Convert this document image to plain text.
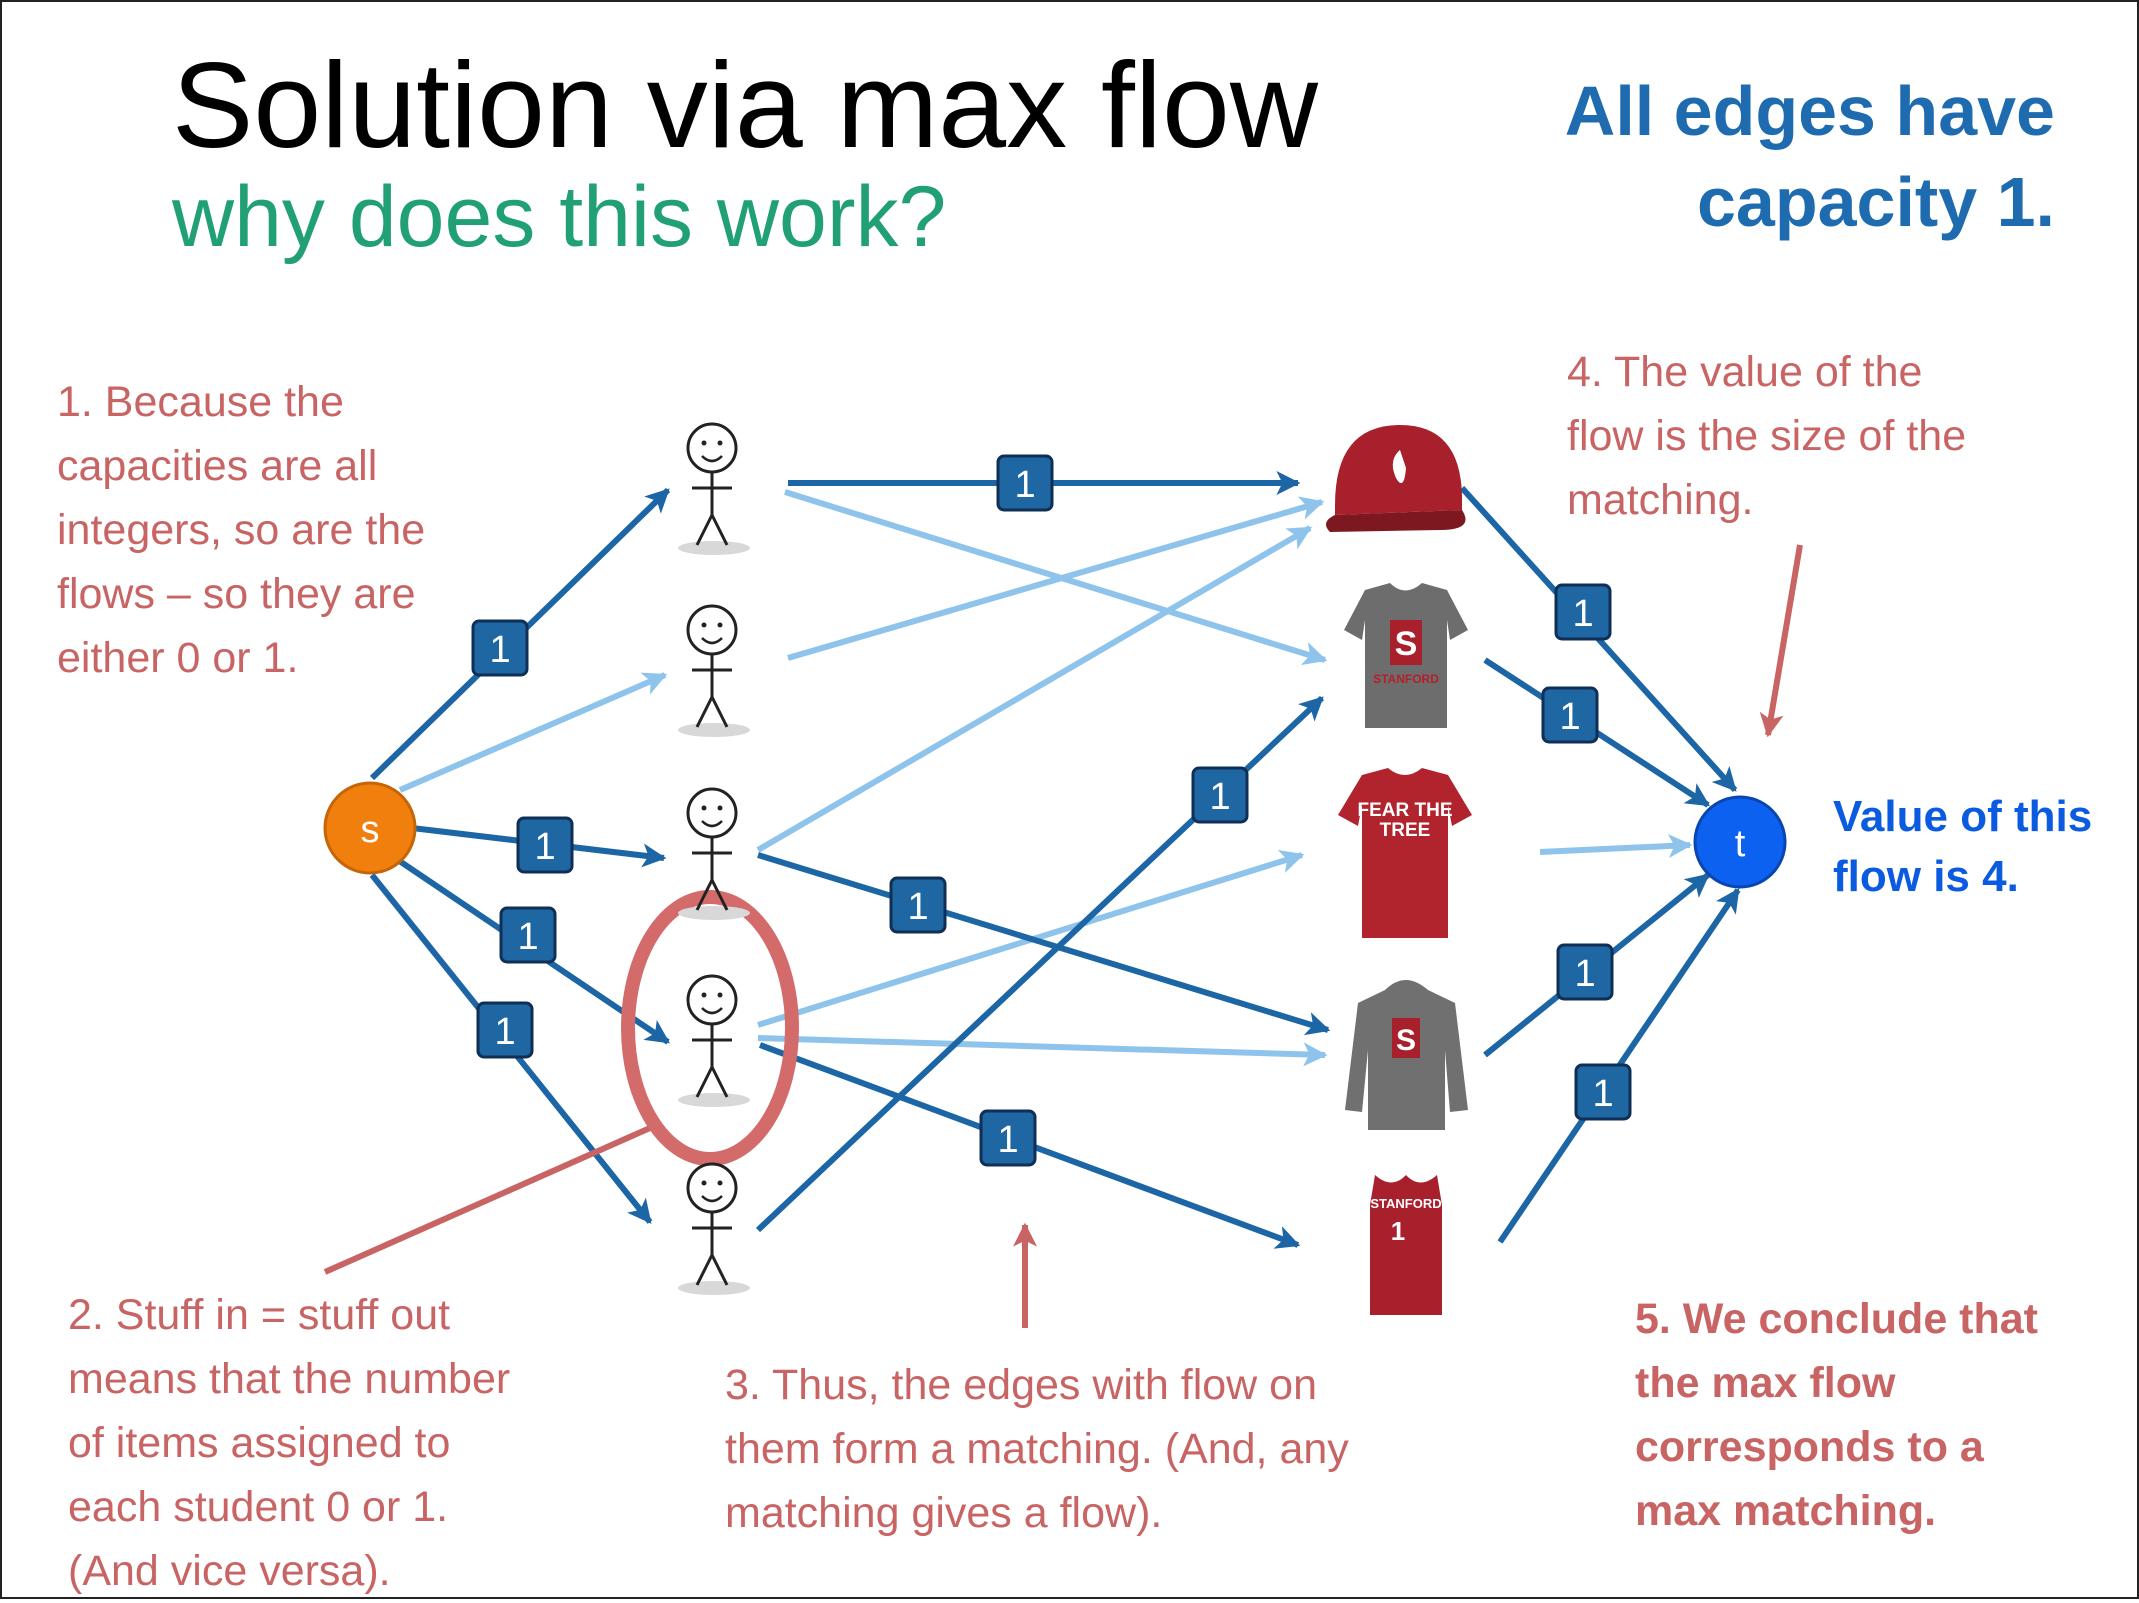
Solution via max flow
why does this work?
All edges have
capacity 1.
S
STANFORD
FEAR THE
TREE
S
STANFORD
1
s	t
1
1
1
1
1
1
1
1
1
1
1
1
1. Because the
capacities are all
integers, so are the
flows – so they are
either 0 or 1.
2. Stuff in = stuff out
means that the number
of items assigned to
each student 0 or 1.
(And vice versa).
3. Thus, the edges with flow on
them form a matching. (And, any
matching gives a flow).
4. The value of the
flow is the size of the
matching.
5. We conclude that
the max flow
corresponds to a
max matching.
Value of this
flow is 4.
